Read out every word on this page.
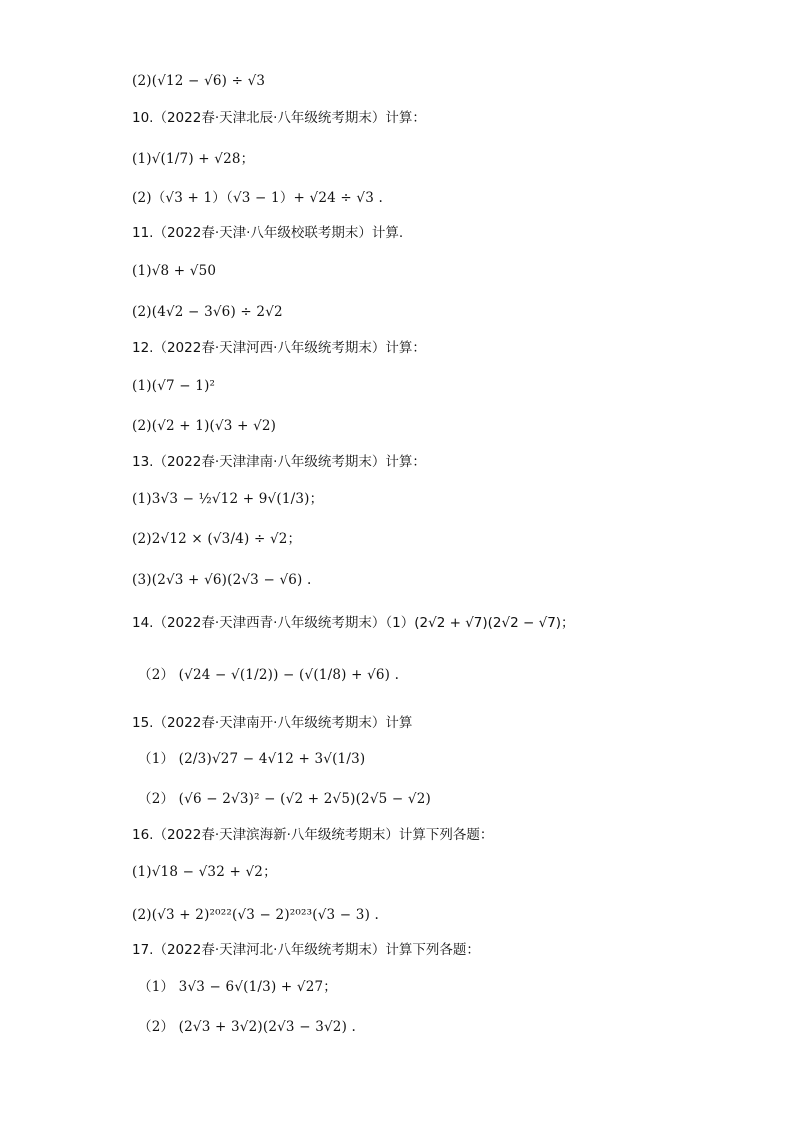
(2)(√12 − √6) ÷ √3
10.（2022春·天津北辰·八年级统考期末）计算：
(1)√(1/7) + √28；
(2)（√3 + 1）（√3 − 1）+ √24 ÷ √3 .
11.（2022春·天津·八年级校联考期末）计算.
(1)√8 + √50
(2)(4√2 − 3√6) ÷ 2√2
12.（2022春·天津河西·八年级统考期末）计算：
(1)(√7 − 1)²
(2)(√2 + 1)(√3 + √2)
13.（2022春·天津津南·八年级统考期末）计算：
(1)3√3 − ½√12 + 9√(1/3)；
(2)2√12 × (√3/4) ÷ √2；
(3)(2√3 + √6)(2√3 − √6) .
14.（2022春·天津西青·八年级统考期末）（1）(2√2 + √7)(2√2 − √7)；
（2） (√24 − √(1/2)) − (√(1/8) + √6) .
15.（2022春·天津南开·八年级统考期末）计算
（1） (2/3)√27 − 4√12 + 3√(1/3)
（2） (√6 − 2√3)² − (√2 + 2√5)(2√5 − √2)
16.（2022春·天津滨海新·八年级统考期末）计算下列各题：
(1)√18 − √32 + √2；
(2)(√3 + 2)²⁰²²(√3 − 2)²⁰²³(√3 − 3) .
17.（2022春·天津河北·八年级统考期末）计算下列各题：
（1） 3√3 − 6√(1/3) + √27；
（2） (2√3 + 3√2)(2√3 − 3√2) .
